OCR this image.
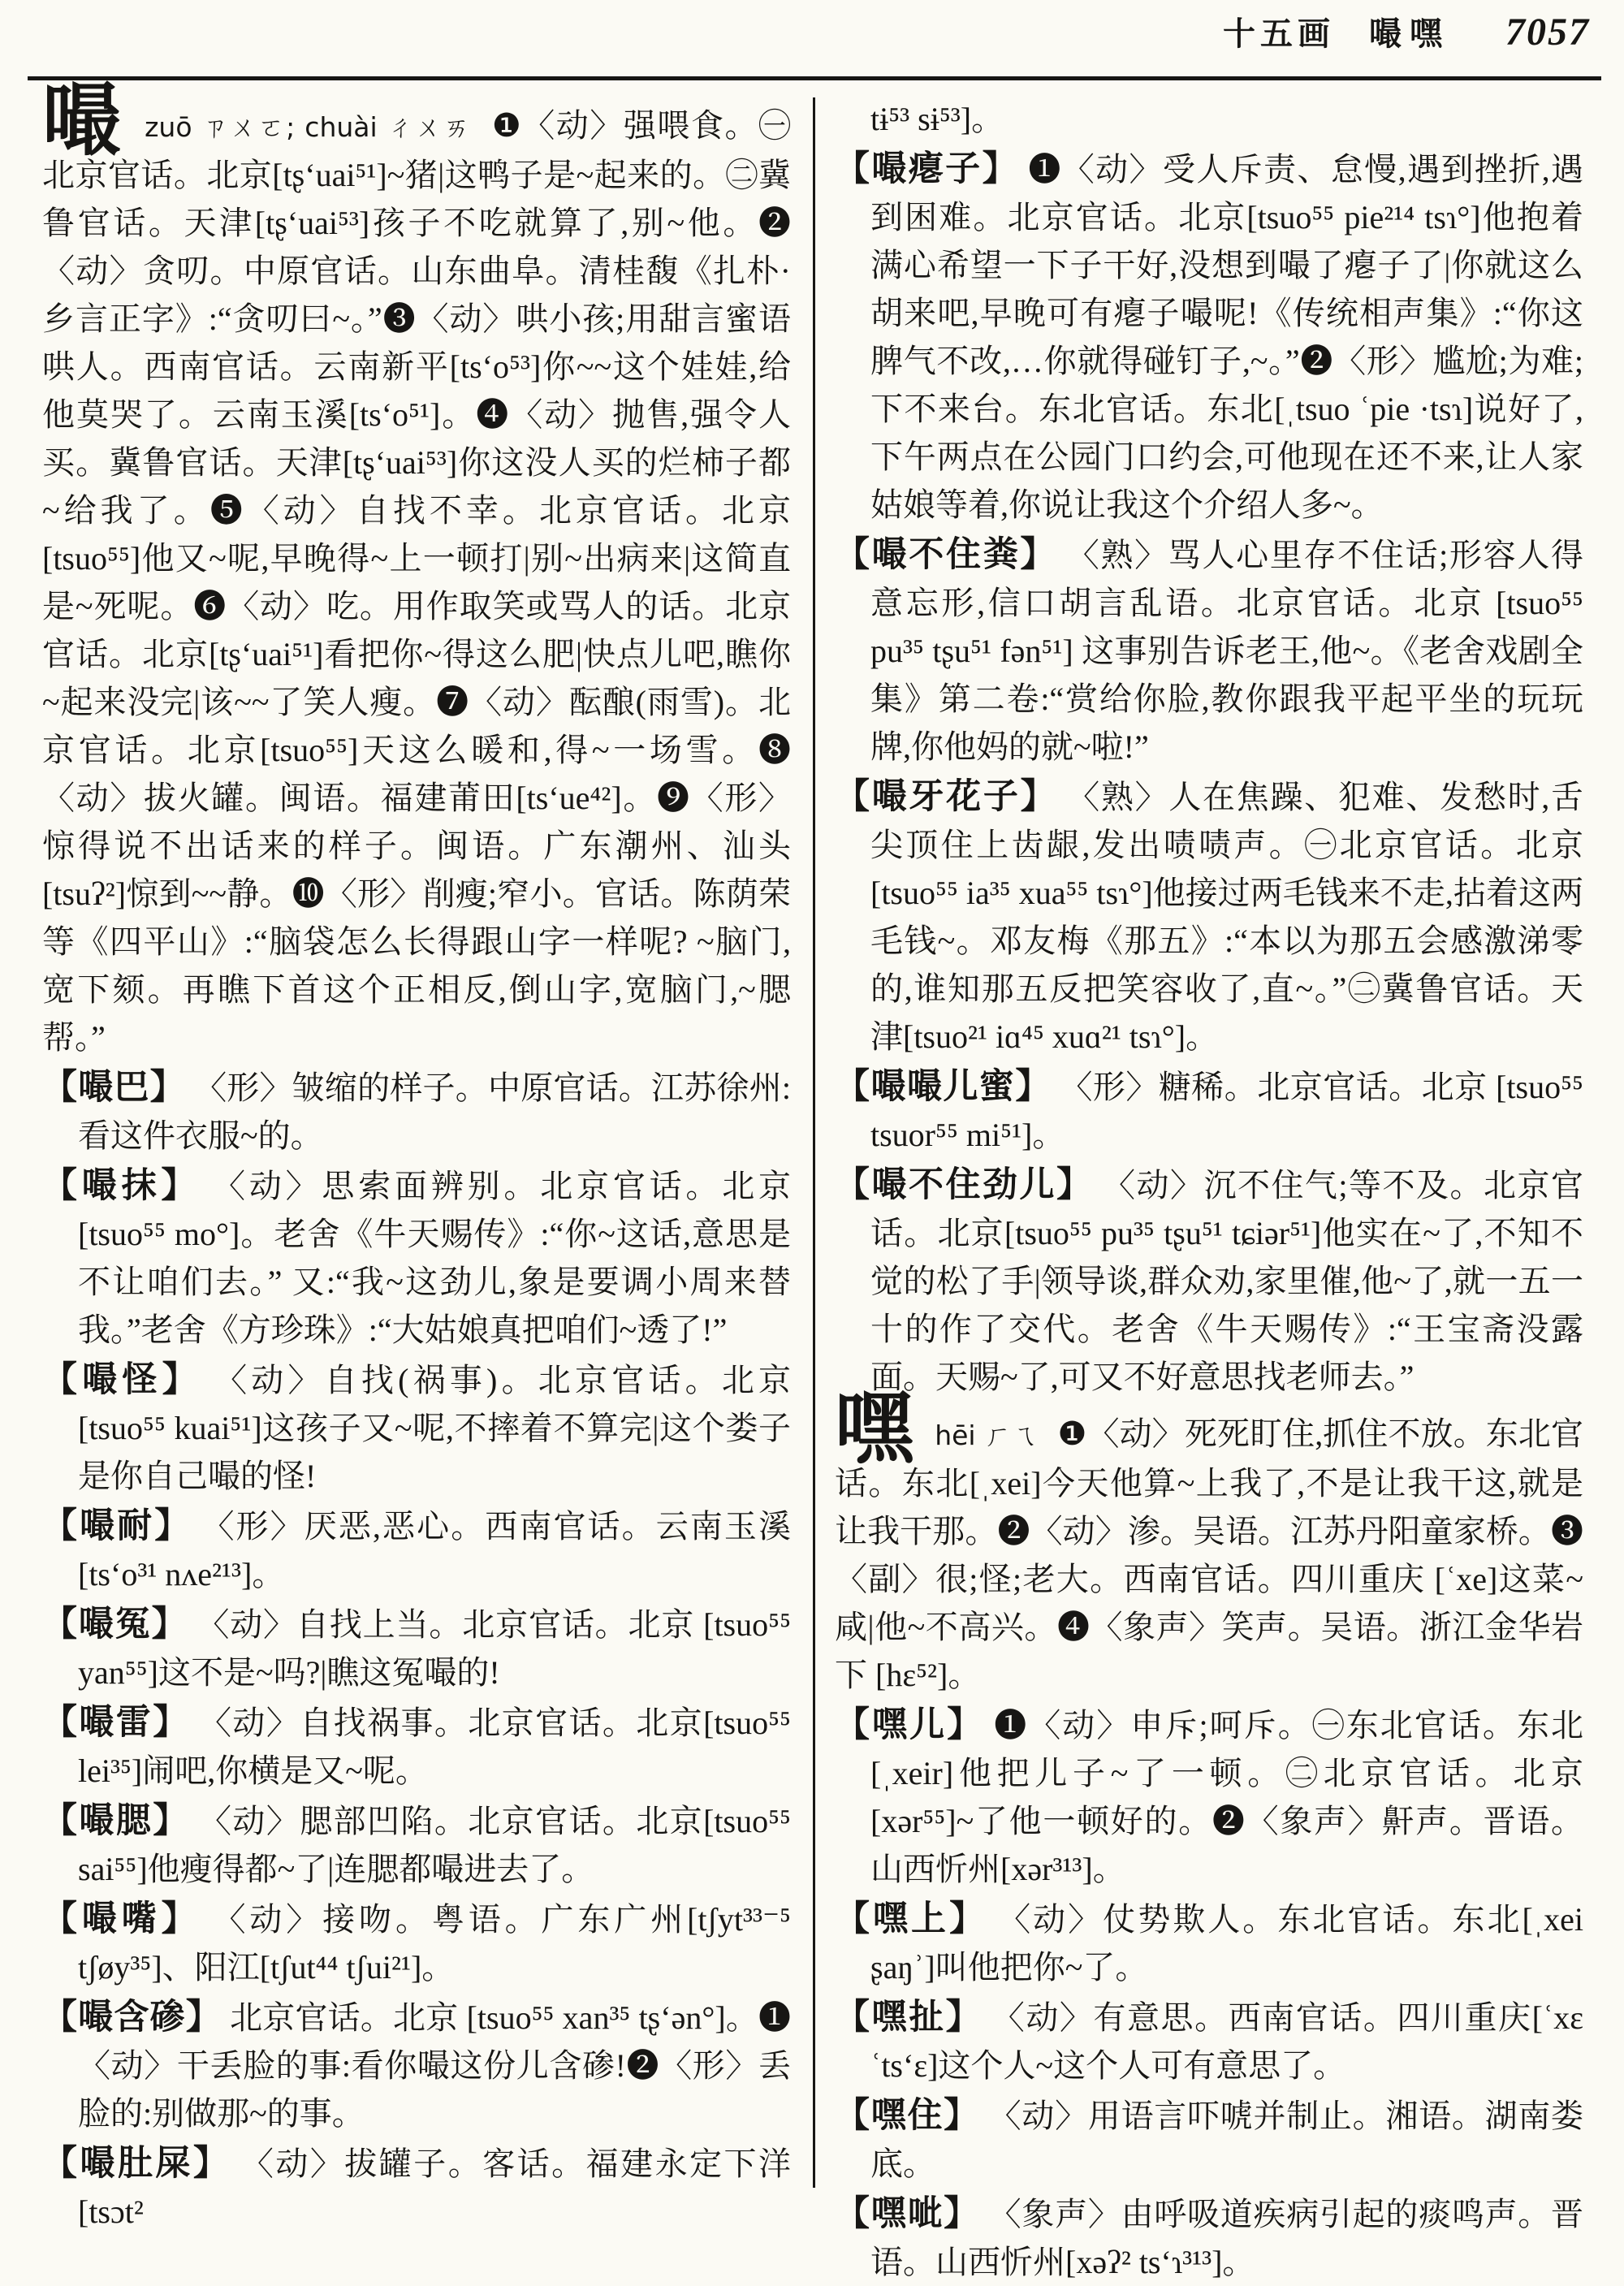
十五画 嘬嘿 7057

嘬 zuō ㄗㄨㄛ; chuài ㄔㄨㄞ ❶〈动〉强喂食。㊀北京官话。北京[tʂ‘uai⁵¹]~猪|这鸭子是~起来的。㊁冀鲁官话。天津[tʂ‘uai⁵³]孩子不吃就算了,别~他。❷〈动〉贪叨。中原官话。山东曲阜。清桂馥《扎朴·乡言正字》:“贪叨曰~。”❸〈动〉哄小孩;用甜言蜜语哄人。西南官话。云南新平[ts‘o⁵³]你~~这个娃娃,给他莫哭了。云南玉溪[ts‘o⁵¹]。❹〈动〉抛售,强令人买。冀鲁官话。天津[tʂ‘uai⁵³]你这没人买的烂柿子都~给我了。❺〈动〉自找不幸。北京官话。北京[tsuo⁵⁵]他又~呢,早晚得~上一顿打|别~出病来|这简直是~死呢。❻〈动〉吃。用作取笑或骂人的话。北京官话。北京[tʂ‘uai⁵¹]看把你~得这么肥|快点儿吧,瞧你~起来没完|该~~了笑人瘦。❼〈动〉酝酿(雨雪)。北京官话。北京[tsuo⁵⁵]天这么暖和,得~一场雪。❽〈动〉拔火罐。闽语。福建莆田[ts‘ue⁴²]。❾〈形〉惊得说不出话来的样子。闽语。广东潮州、汕头 [tsuʔ²]惊到~~静。❿〈形〉削瘦;窄小。官话。陈荫荣等《四平山》:“脑袋怎么长得跟山字一样呢? ~脑门,宽下颏。再瞧下首这个正相反,倒山字,宽脑门,~腮帮。”

【嘬巴】 〈形〉皱缩的样子。中原官话。江苏徐州:看这件衣服~的。

【嘬抹】 〈动〉思索面辨别。北京官话。北京 [tsuo⁵⁵ mo°]。老舍《牛天赐传》:“你~这话,意思是不让咱们去。” 又:“我~这劲儿,象是要调小周来替我。”老舍《方珍珠》:“大姑娘真把咱们~透了!”

【嘬怪】 〈动〉自找(祸事)。北京官话。北京 [tsuo⁵⁵ kuai⁵¹]这孩子又~呢,不摔着不算完|这个娄子是你自己嘬的怪!

【嘬耐】 〈形〉厌恶,恶心。西南官话。云南玉溪[ts‘o³¹ nʌe²¹³]。

【嘬冤】 〈动〉自找上当。北京官话。北京 [tsuo⁵⁵ yan⁵⁵]这不是~吗?|瞧这冤嘬的!

【嘬雷】 〈动〉自找祸事。北京官话。北京[tsuo⁵⁵ lei³⁵]闹吧,你横是又~呢。

【嘬腮】 〈动〉腮部凹陷。北京官话。北京[tsuo⁵⁵ sai⁵⁵]他瘦得都~了|连腮都嘬进去了。

【嘬嘴】 〈动〉接吻。粤语。广东广州[tʃyt³³⁻⁵ tʃøy³⁵]、阳江[tʃut⁴⁴ tʃui²¹]。

【嘬含碜】 北京官话。北京 [tsuo⁵⁵ xan³⁵ tʂ‘ən°]。❶〈动〉干丢脸的事:看你嘬这份儿含碜!❷〈形〉丢脸的:别做那~的事。

【嘬肚屎】 〈动〉拔罐子。客话。福建永定下洋 [tsɔt²

tɨ⁵³ sɨ⁵³]。

【嘬瘪子】 ❶〈动〉受人斥责、怠慢,遇到挫折,遇到困难。北京官话。北京[tsuo⁵⁵ pie²¹⁴ tsɿ°]他抱着满心希望一下子干好,没想到嘬了瘪子了|你就这么胡来吧,早晚可有瘪子嘬呢!《传统相声集》:“你这脾气不改,…你就得碰钉子,~。”❷〈形〉尴尬;为难;下不来台。东北官话。东北[ˌtsuo ʿpie ·tsɿ]说好了,下午两点在公园门口约会,可他现在还不来,让人家姑娘等着,你说让我这个介绍人多~。

【嘬不住粪】 〈熟〉骂人心里存不住话;形容人得意忘形,信口胡言乱语。北京官话。北京 [tsuo⁵⁵ pu³⁵ tʂu⁵¹ fən⁵¹] 这事别告诉老王,他~。《老舍戏剧全集》第二卷:“赏给你脸,教你跟我平起平坐的玩玩牌,你他妈的就~啦!”

【嘬牙花子】 〈熟〉人在焦躁、犯难、发愁时,舌尖顶住上齿龈,发出啧啧声。㊀北京官话。北京 [tsuo⁵⁵ ia³⁵ xua⁵⁵ tsɿ°]他接过两毛钱来不走,拈着这两毛钱~。邓友梅《那五》:“本以为那五会感激涕零的,谁知那五反把笑容收了,直~。”㊁冀鲁官话。天津[tsuo²¹ iɑ⁴⁵ xuɑ²¹ tsɿ°]。

【嘬嘬儿蜜】 〈形〉糖稀。北京官话。北京 [tsuo⁵⁵ tsuor⁵⁵ mi⁵¹]。

【嘬不住劲儿】 〈动〉沉不住气;等不及。北京官话。北京[tsuo⁵⁵ pu³⁵ tʂu⁵¹ tɕiər⁵¹]他实在~了,不知不觉的松了手|领导谈,群众劝,家里催,他~了,就一五一十的作了交代。老舍《牛天赐传》:“王宝斋没露面。天赐~了,可又不好意思找老师去。”

嘿 hēi ㄏㄟ ❶〈动〉死死盯住,抓住不放。东北官话。东北[ˌxei]今天他算~上我了,不是让我干这,就是让我干那。❷〈动〉渗。吴语。江苏丹阳童家桥。❸〈副〉很;怪;老大。西南官话。四川重庆 [ʿxe]这菜~咸|他~不高兴。❹〈象声〉笑声。吴语。浙江金华岩下 [hɛ⁵²]。

【嘿儿】 ❶〈动〉申斥;呵斥。㊀东北官话。东北[ˌxeir]他把儿子~了一顿。㊁北京官话。北京 [xər⁵⁵]~了他一顿好的。❷〈象声〉鼾声。晋语。山西忻州[xər³¹³]。

【嘿上】 〈动〉仗势欺人。东北官话。东北[ˌxei ʂaŋʾ]叫他把你~了。

【嘿扯】 〈动〉有意思。西南官话。四川重庆[ʿxɛ ʿts‘ɛ]这个人~这个人可有意思了。

【嘿住】 〈动〉用语言吓唬并制止。湘语。湖南娄底。

【嘿呲】 〈象声〉由呼吸道疾病引起的痰鸣声。晋语。山西忻州[xəʔ² ts‘ɿ³¹³]。
